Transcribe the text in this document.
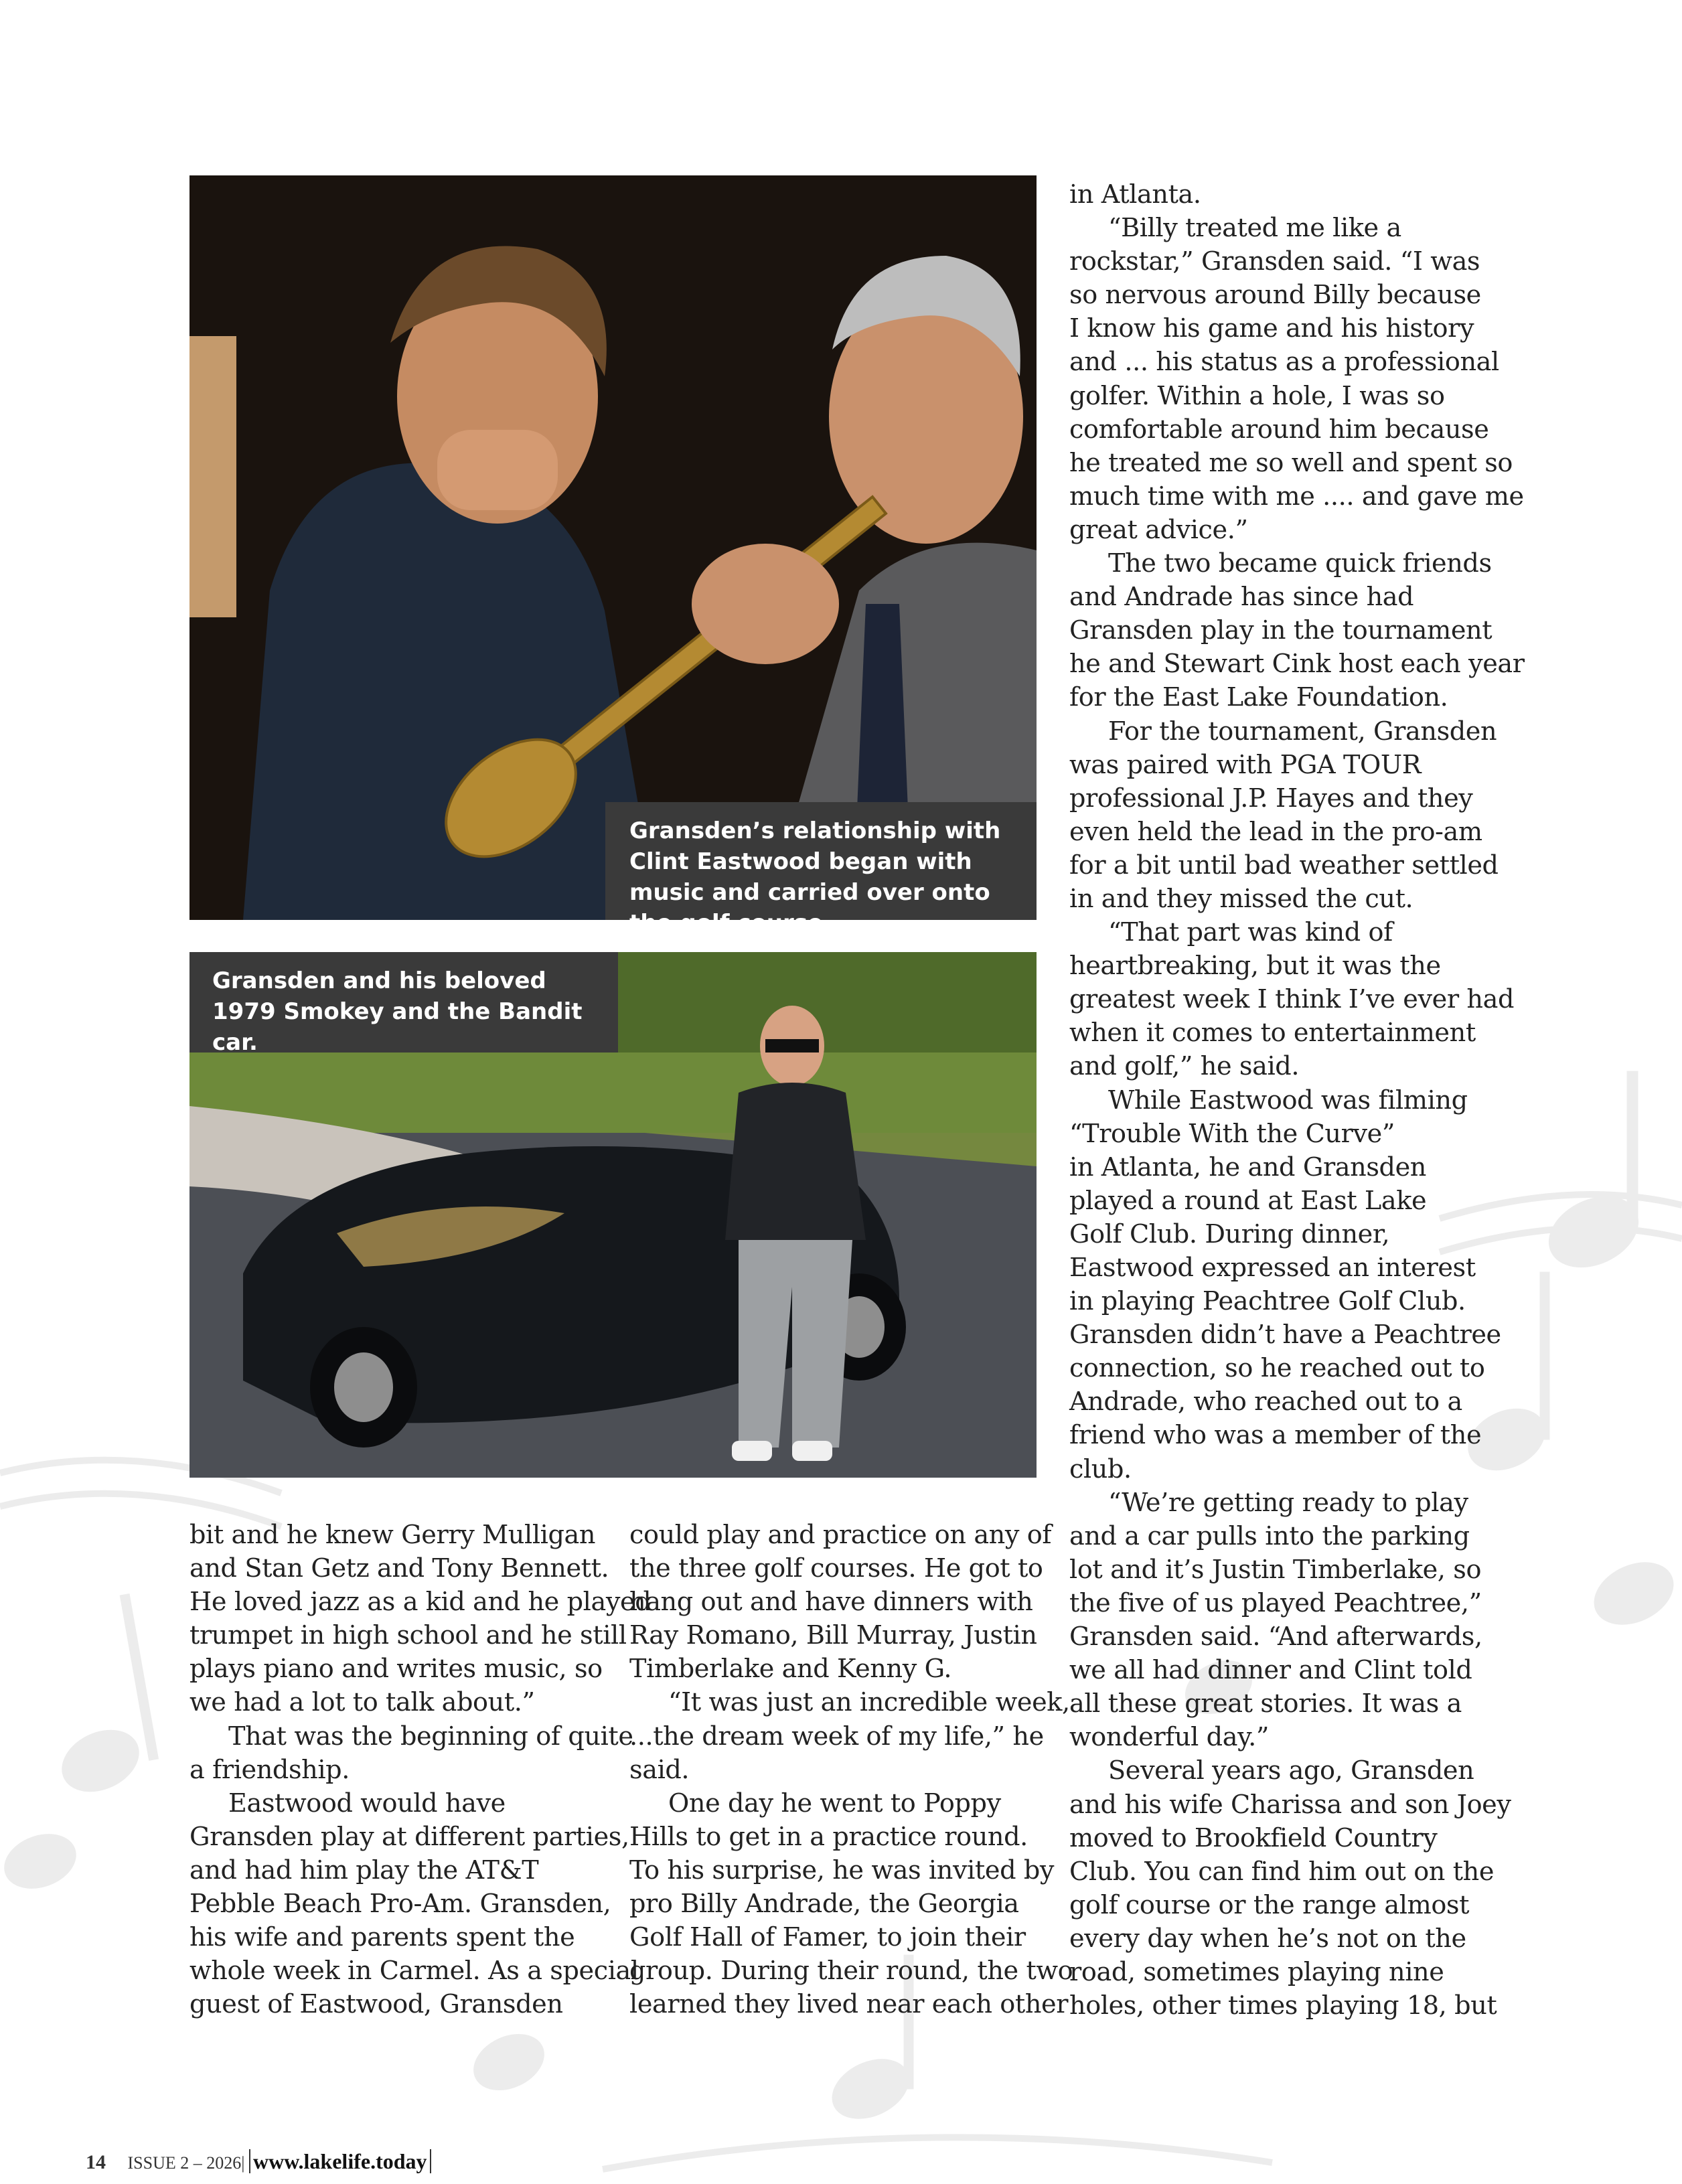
Gransden’s relationship with Clint Eastwood began with music and carried over onto the golf course.
Gransden and his beloved 1979 Smokey and the Bandit car.

bit and he knew Gerry Mulligan

and Stan Getz and Tony Bennett.

He loved jazz as a kid and he played

trumpet in high school and he still

plays piano and writes music, so

we had a lot to talk about.”

That was the beginning of quite

a friendship.

Eastwood would have

Gransden play at different parties,

and had him play the AT&T

Pebble Beach Pro-Am. Gransden,

his wife and parents spent the

whole week in Carmel. As a special

guest of Eastwood, Gransden

could play and practice on any of

the three golf courses. He got to

hang out and have dinners with

Ray Romano, Bill Murray, Justin

Timberlake and Kenny G.

“It was just an incredible week,

...the dream week of my life,” he

said.

One day he went to Poppy

Hills to get in a practice round.

To his surprise, he was invited by

pro Billy Andrade, the Georgia

Golf Hall of Famer, to join their

group. During their round, the two

learned they lived near each other

in Atlanta.

“Billy treated me like a

rockstar,” Gransden said. “I was

so nervous around Billy because

I know his game and his history

and ... his status as a professional

golfer. Within a hole, I was so

comfortable around him because

he treated me so well and spent so

much time with me .... and gave me

great advice.”

The two became quick friends

and Andrade has since had

Gransden play in the tournament

he and Stewart Cink host each year

for the East Lake Foundation.

For the tournament, Gransden

was paired with PGA TOUR

professional J.P. Hayes and they

even held the lead in the pro-am

for a bit until bad weather settled

in and they missed the cut.

“That part was kind of

heartbreaking, but it was the

greatest week I think I’ve ever had

when it comes to entertainment

and golf,” he said.

While Eastwood was filming

“Trouble With the Curve”

in Atlanta, he and Gransden

played a round at East Lake

Golf Club. During dinner,

Eastwood expressed an interest

in playing Peachtree Golf Club.

Gransden didn’t have a Peachtree

connection, so he reached out to

Andrade, who reached out to a

friend who was a member of the

club.

“We’re getting ready to play

and a car pulls into the parking

lot and it’s Justin Timberlake, so

the five of us played Peachtree,”

Gransden said. “And afterwards,

we all had dinner and Clint told

all these great stories. It was a

wonderful day.”

Several years ago, Gransden

and his wife Charissa and son Joey

moved to Brookfield Country

Club. You can find him out on the

golf course or the range almost

every day when he’s not on the

road, sometimes playing nine

holes, other times playing 18, but

14 ISSUE 2 – 2026| www.lakelife.today
